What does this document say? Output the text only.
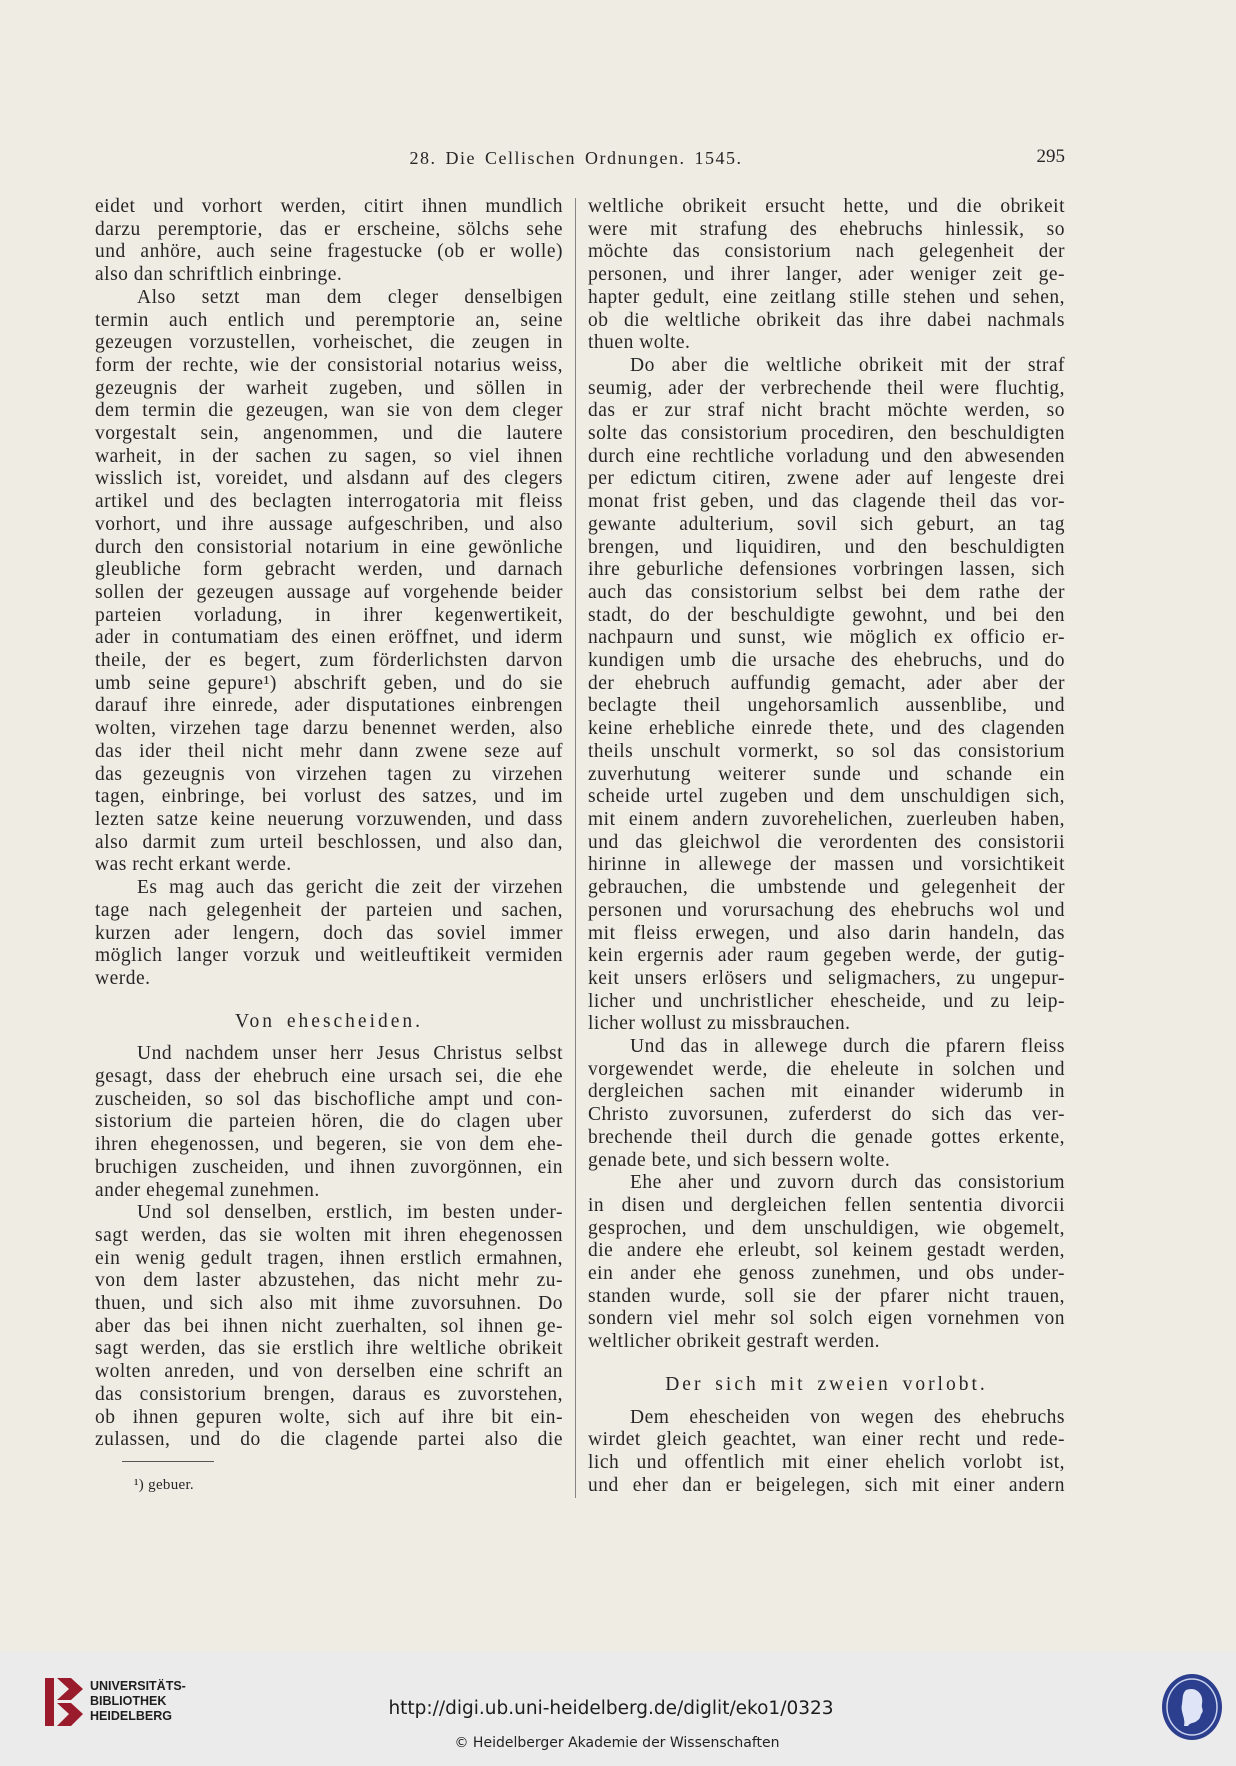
28. Die Cellischen Ordnungen. 1545.	295
eidet und vorhort werden, citirt ihnen mundlich
darzu peremptorie, das er erscheine, sölchs sehe
und anhöre, auch seine fragestucke (ob er wolle)
also dan schriftlich einbringe.
Also setzt man dem cleger denselbigen
termin auch entlich und peremptorie an, seine
gezeugen vorzustellen, vorheischet, die zeugen in
form der rechte, wie der consistorial notarius weiss,
gezeugnis der warheit zugeben, und söllen in
dem termin die gezeugen, wan sie von dem cleger
vorgestalt sein, angenommen, und die lautere
warheit, in der sachen zu sagen, so viel ihnen
wisslich ist, voreidet, und alsdann auf des clegers
artikel und des beclagten interrogatoria mit fleiss
vorhort, und ihre aussage aufgeschriben, und also
durch den consistorial notarium in eine gewönliche
gleubliche form gebracht werden, und darnach
sollen der gezeugen aussage auf vorgehende beider
parteien vorladung, in ihrer kegenwertikeit,
ader in contumatiam des einen eröffnet, und iderm
theile, der es begert, zum förderlichsten darvon
umb seine gepure¹) abschrift geben, und do sie
darauf ihre einrede, ader disputationes einbrengen
wolten, virzehen tage darzu benennet werden, also
das ider theil nicht mehr dann zwene seze auf
das gezeugnis von virzehen tagen zu virzehen
tagen, einbringe, bei vorlust des satzes, und im
lezten satze keine neuerung vorzuwenden, und dass
also darmit zum urteil beschlossen, und also dan,
was recht erkant werde.
Es mag auch das gericht die zeit der virzehen
tage nach gelegenheit der parteien und sachen,
kurzen ader lengern, doch das soviel immer
möglich langer vorzuk und weitleuftikeit vermiden
werde.
Von ehescheiden.
Und nachdem unser herr Jesus Christus selbst
gesagt, dass der ehebruch eine ursach sei, die ehe
zuscheiden, so sol das bischofliche ampt und con-
sistorium die parteien hören, die do clagen uber
ihren ehegenossen, und begeren, sie von dem ehe-
bruchigen zuscheiden, und ihnen zuvorgönnen, ein
ander ehegemal zunehmen.
Und sol denselben, erstlich, im besten under-
sagt werden, das sie wolten mit ihren ehegenossen
ein wenig gedult tragen, ihnen erstlich ermahnen,
von dem laster abzustehen, das nicht mehr zu-
thuen, und sich also mit ihme zuvorsuhnen. Do
aber das bei ihnen nicht zuerhalten, sol ihnen ge-
sagt werden, das sie erstlich ihre weltliche obrikeit
wolten anreden, und von derselben eine schrift an
das consistorium brengen, daraus es zuvorstehen,
ob ihnen gepuren wolte, sich auf ihre bit ein-
zulassen, und do die clagende partei also die
weltliche obrikeit ersucht hette, und die obrikeit
were mit strafung des ehebruchs hinlessik, so
möchte das consistorium nach gelegenheit der
personen, und ihrer langer, ader weniger zeit ge-
hapter gedult, eine zeitlang stille stehen und sehen,
ob die weltliche obrikeit das ihre dabei nachmals
thuen wolte.
Do aber die weltliche obrikeit mit der straf
seumig, ader der verbrechende theil were fluchtig,
das er zur straf nicht bracht möchte werden, so
solte das consistorium procediren, den beschuldigten
durch eine rechtliche vorladung und den abwesenden
per edictum citiren, zwene ader auf lengeste drei
monat frist geben, und das clagende theil das vor-
gewante adulterium, sovil sich geburt, an tag
brengen, und liquidiren, und den beschuldigten
ihre geburliche defensiones vorbringen lassen, sich
auch das consistorium selbst bei dem rathe der
stadt, do der beschuldigte gewohnt, und bei den
nachpaurn und sunst, wie möglich ex officio er-
kundigen umb die ursache des ehebruchs, und do
der ehebruch auffundig gemacht, ader aber der
beclagte theil ungehorsamlich aussenblibe, und
keine erhebliche einrede thete, und des clagenden
theils unschult vormerkt, so sol das consistorium
zuverhutung weiterer sunde und schande ein
scheide urtel zugeben und dem unschuldigen sich,
mit einem andern zuvorehelichen, zuerleuben haben,
und das gleichwol die verordenten des consistorii
hirinne in allewege der massen und vorsichtikeit
gebrauchen, die umbstende und gelegenheit der
personen und vorursachung des ehebruchs wol und
mit fleiss erwegen, und also darin handeln, das
kein ergernis ader raum gegeben werde, der gutig-
keit unsers erlösers und seligmachers, zu ungepur-
licher und unchristlicher ehescheide, und zu leip-
licher wollust zu missbrauchen.
Und das in allewege durch die pfarern fleiss
vorgewendet werde, die eheleute in solchen und
dergleichen sachen mit einander widerumb in
Christo zuvorsunen, zuferderst do sich das ver-
brechende theil durch die genade gottes erkente,
genade bete, und sich bessern wolte.
Ehe aher und zuvorn durch das consistorium
in disen und dergleichen fellen sententia divorcii
gesprochen, und dem unschuldigen, wie obgemelt,
die andere ehe erleubt, sol keinem gestadt werden,
ein ander ehe genoss zunehmen, und obs under-
standen wurde, soll sie der pfarer nicht trauen,
sondern viel mehr sol solch eigen vornehmen von
weltlicher obrikeit gestraft werden.
Der sich mit zweien vorlobt.
Dem ehescheiden von wegen des ehebruchs
wirdet gleich geachtet, wan einer recht und rede-
lich und offentlich mit einer ehelich vorlobt ist,
und eher dan er beigelegen, sich mit einer andern
¹) gebuer.
UNIVERSITÄTS-
BIBLIOTHEK
HEIDELBERG	http://digi.ub.uni-heidelberg.de/diglit/eko1/0323
© Heidelberger Akademie der Wissenschaften
